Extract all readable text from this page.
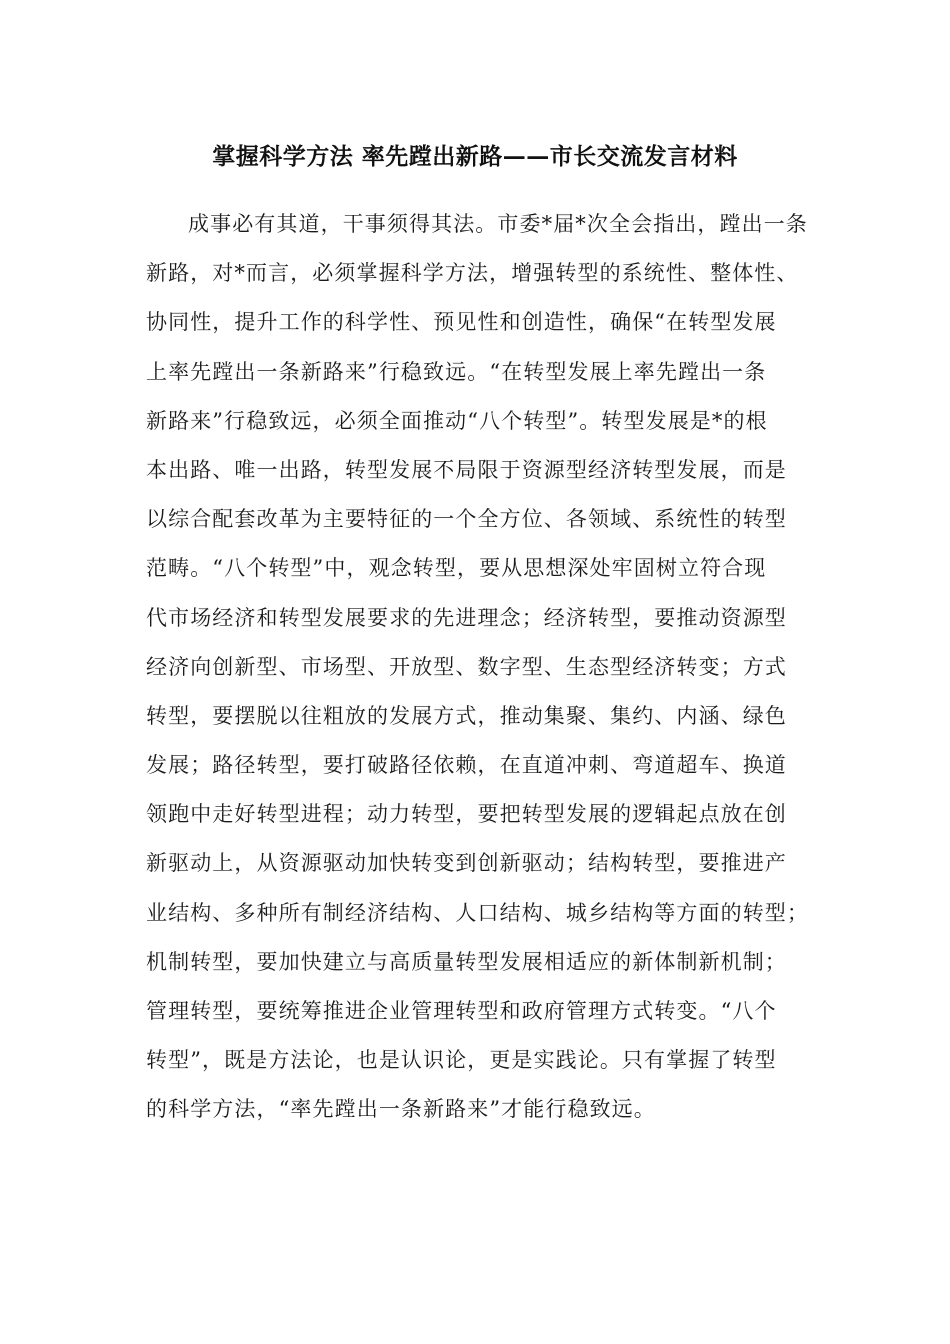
掌握科学方法 率先蹚出新路——市长交流发言材料
成事必有其道，干事须得其法。市委*届*次全会指出，蹚出一条
新路，对*而言，必须掌握科学方法，增强转型的系统性、整体性、
协同性，提升工作的科学性、预见性和创造性，确保“在转型发展
上率先蹚出一条新路来”行稳致远。“在转型发展上率先蹚出一条
新路来”行稳致远，必须全面推动“八个转型”。转型发展是*的根
本出路、唯一出路，转型发展不局限于资源型经济转型发展，而是
以综合配套改革为主要特征的一个全方位、各领域、系统性的转型
范畴。“八个转型”中，观念转型，要从思想深处牢固树立符合现
代市场经济和转型发展要求的先进理念；经济转型，要推动资源型
经济向创新型、市场型、开放型、数字型、生态型经济转变；方式
转型，要摆脱以往粗放的发展方式，推动集聚、集约、内涵、绿色
发展；路径转型，要打破路径依赖，在直道冲刺、弯道超车、换道
领跑中走好转型进程；动力转型，要把转型发展的逻辑起点放在创
新驱动上，从资源驱动加快转变到创新驱动；结构转型，要推进产
业结构、多种所有制经济结构、人口结构、城乡结构等方面的转型；
机制转型，要加快建立与高质量转型发展相适应的新体制新机制；
管理转型，要统筹推进企业管理转型和政府管理方式转变。“八个
转型”，既是方法论，也是认识论，更是实践论。只有掌握了转型
的科学方法，“率先蹚出一条新路来”才能行稳致远。
